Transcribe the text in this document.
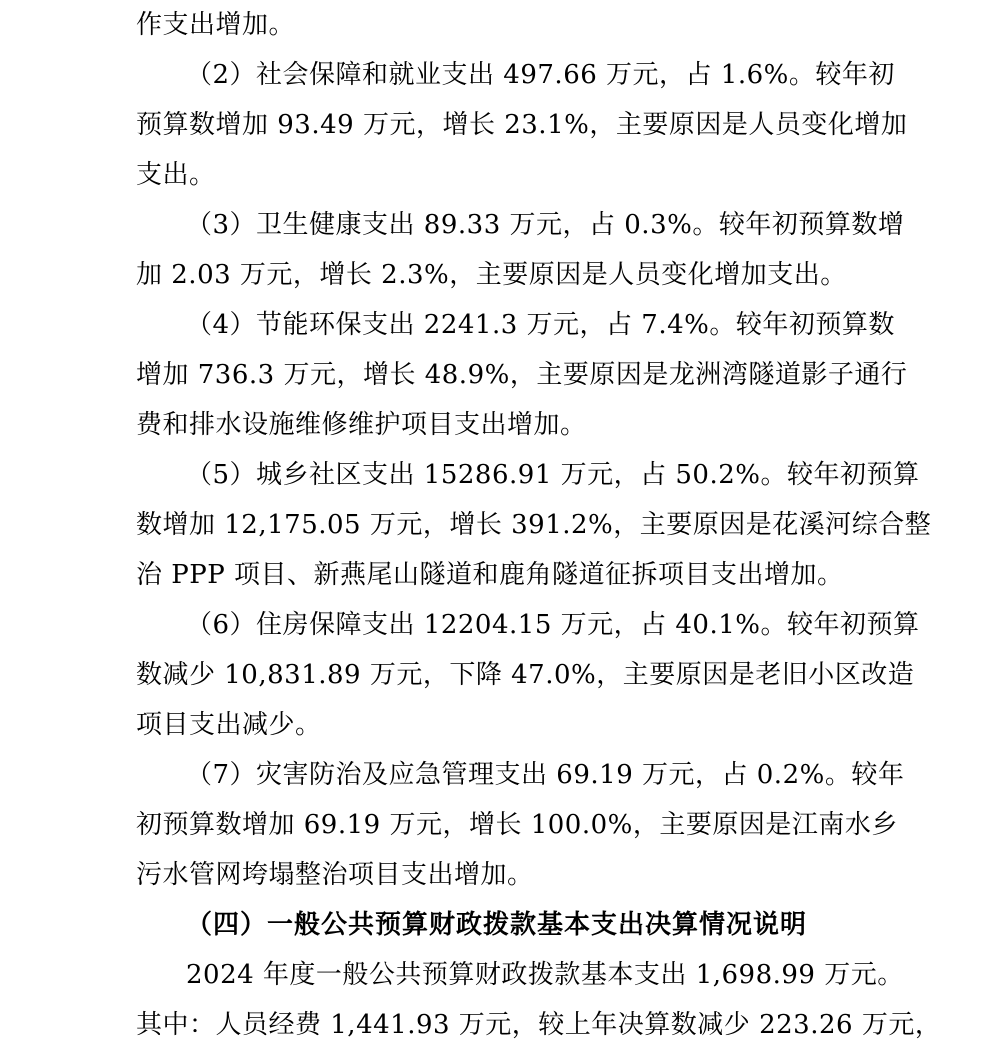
作支出增加。
（2）社会保障和就业支出 497.66 万元，占 1.6%。较年初
预算数增加 93.49 万元，增长 23.1%，主要原因是人员变化增加
支出。
（3）卫生健康支出 89.33 万元，占 0.3%。较年初预算数增
加 2.03 万元，增长 2.3%，主要原因是人员变化增加支出。
（4）节能环保支出 2241.3 万元，占 7.4%。较年初预算数
增加 736.3 万元，增长 48.9%，主要原因是龙洲湾隧道影子通行
费和排水设施维修维护项目支出增加。
（5）城乡社区支出 15286.91 万元，占 50.2%。较年初预算
数增加 12,175.05 万元，增长 391.2%，主要原因是花溪河综合整
治 PPP 项目、新燕尾山隧道和鹿角隧道征拆项目支出增加。
（6）住房保障支出 12204.15 万元，占 40.1%。较年初预算
数减少 10,831.89 万元，下降 47.0%，主要原因是老旧小区改造
项目支出减少。
（7）灾害防治及应急管理支出 69.19 万元，占 0.2%。较年
初预算数增加 69.19 万元，增长 100.0%，主要原因是江南水乡
污水管网垮塌整治项目支出增加。
（四）一般公共预算财政拨款基本支出决算情况说明
2024 年度一般公共预算财政拨款基本支出 1,698.99 万元。
其中：人员经费 1,441.93 万元，较上年决算数减少 223.26 万元，
